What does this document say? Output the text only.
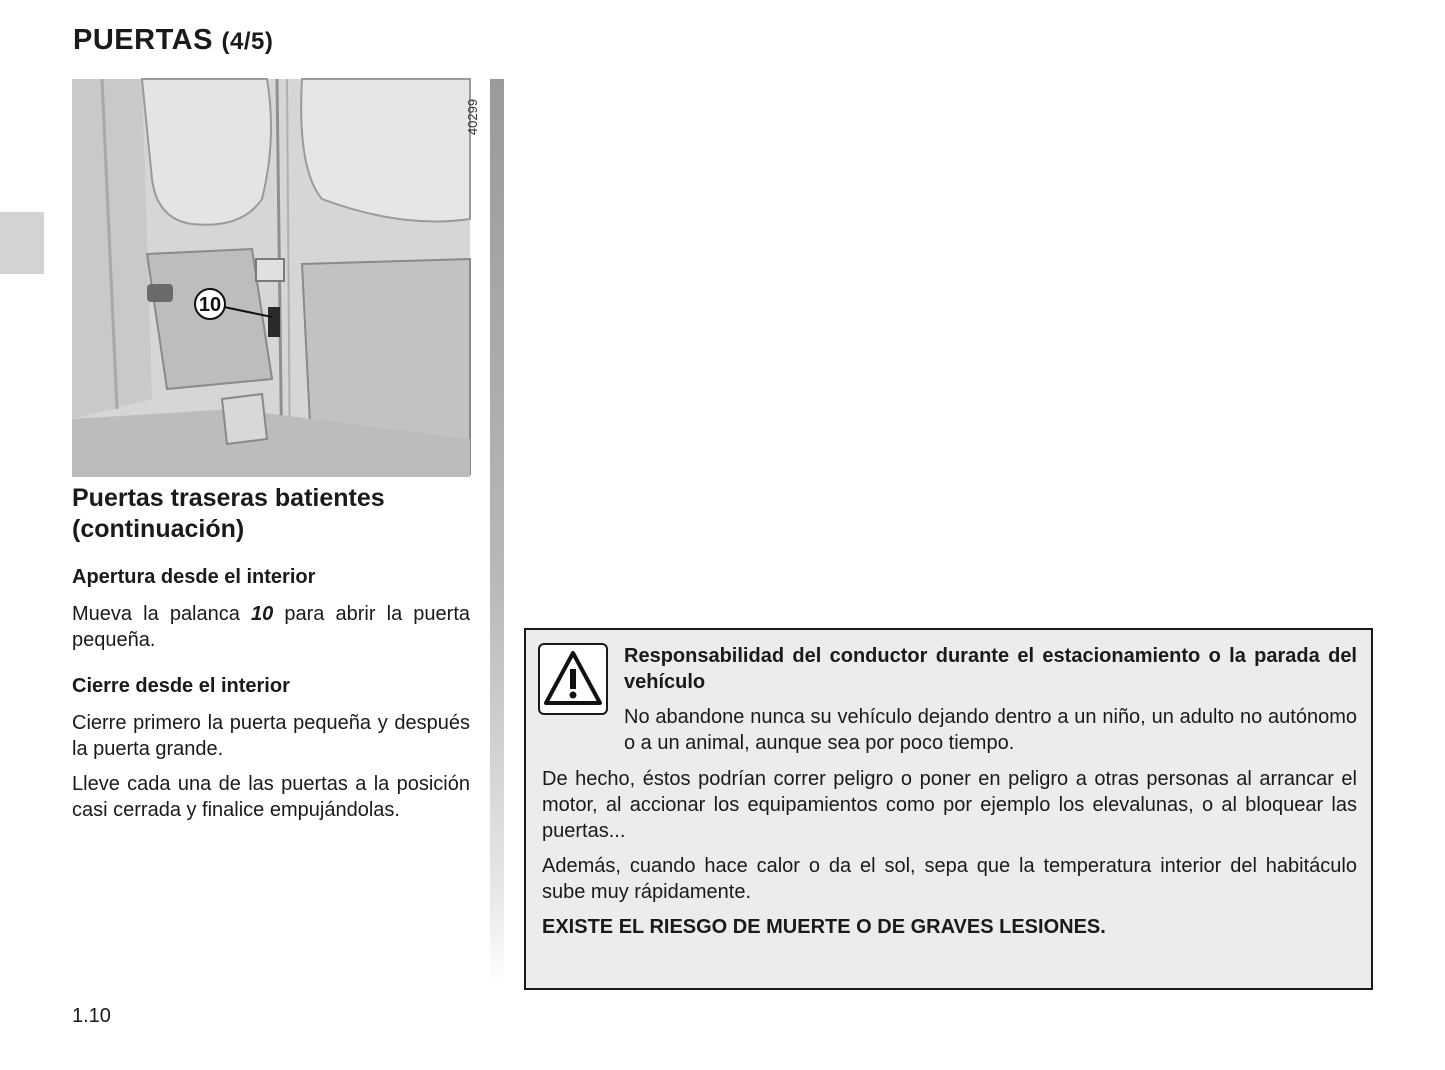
PUERTAS (4/5)
10
40299
Puertas traseras batientes
(continuación)
Apertura desde el interior
Mueva la palanca 10 para abrir la puerta pequeña.
Cierre desde el interior
Cierre primero la puerta pequeña y después la puerta grande.
Lleve cada una de las puertas a la posición casi cerrada y finalice empujándolas.
Responsabilidad del conductor durante el estacionamiento o la parada del vehículo
No abandone nunca su vehículo dejando dentro a un niño, un adulto no autónomo o a un animal, aunque sea por poco tiempo.
De hecho, éstos podrían correr peligro o poner en peligro a otras personas al arrancar el motor, al accionar los equipamientos como por ejemplo los elevalunas, o al bloquear las puertas...
Además, cuando hace calor o da el sol, sepa que la temperatura interior del habitáculo sube muy rápidamente.
EXISTE EL RIESGO DE MUERTE O DE GRAVES LESIONES.
1.10
